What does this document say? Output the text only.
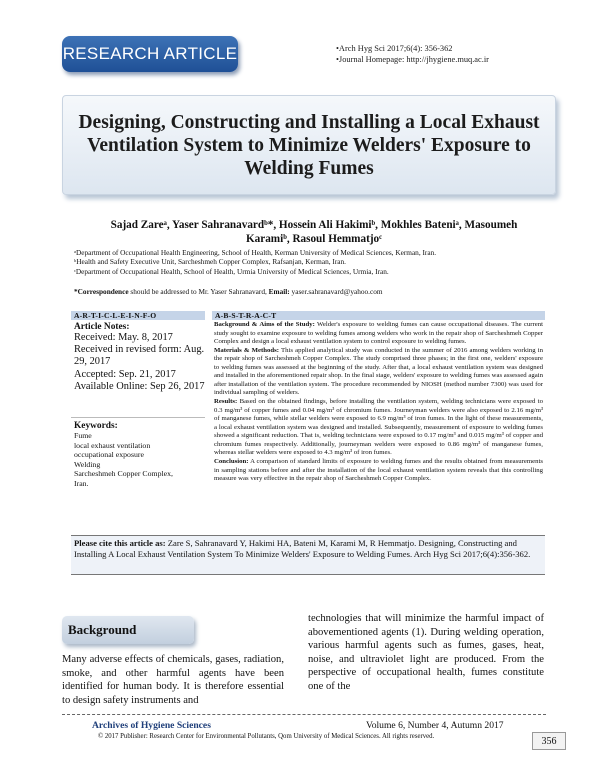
RESEARCH ARTICLE	•Arch Hyg Sci 2017;6(4): 356-362
•Journal Homepage: http://jhygiene.muq.ac.ir
Designing, Constructing and Installing a Local Exhaust Ventilation System to Minimize Welders' Exposure to Welding Fumes
Sajad Zareᵃ, Yaser Sahranavardᵇ*, Hossein Ali Hakimiᵇ, Mokhles Bateniᵃ, Masoumeh
Karamiᵇ, Rasoul Hemmatjoᶜ
ᵃDepartment of Occupational Health Engineering, School of Health, Kerman University of Medical Sciences, Kerman, Iran.
ᵇHealth and Safety Executive Unit, Sarcheshmeh Copper Complex, Rafsanjan, Kerman, Iran.
ᶜDepartment of Occupational Health, School of Health, Urmia University of Medical Sciences, Urmia, Iran.
*Correspondence should be addressed to Mr. Yaser Sahranavard, Email: yaser.sahranavard@yahoo.com
A-R-T-I-C-L-E-I-N-F-O
Article Notes:
Received: May. 8, 2017
Received in revised form: Aug. 29, 2017
Accepted: Sep. 21, 2017
Available Online: Sep 26, 2017
Keywords:
Fume
local exhaust ventilation
occupational exposure
Welding
Sarcheshmeh Copper Complex,
Iran.
A-B-S-T-R-A-C-T

Background & Aims of the Study: Welder's exposure to welding fumes can cause occupational diseases. The current study sought to examine exposure to welding fumes among welders who work in the repair shop of Sarcheshmeh Copper Complex and design a local exhaust ventilation system to control exposure to welding fumes.

Materials & Methods: This applied analytical study was conducted in the summer of 2016 among welders working in the repair shop of Sarcheshmeh Copper Complex. The study comprised three phases; in the first one, welders' exposure to welding fumes was assessed at the beginning of the study. After that, a local exhaust ventilation system was designed and installed in the aforementioned repair shop. In the final stage, welders' exposure to welding fumes was assessed again after installation of the ventilation system. The procedure recommended by NIOSH (method number 7300) was used for individual sampling of welders.

Results: Based on the obtained findings, before installing the ventilation system, welding technicians were exposed to 0.3 mg/m³ of copper fumes and 0.04 mg/m³ of chromium fumes. Journeyman welders were also exposed to 2.16 mg/m³ of manganese fumes, while stellar welders were exposed to 6.9 mg/m³ of iron fumes. In the light of these measurements, a local exhaust ventilation system was designed and installed. Subsequently, measurement of exposure to welding fumes showed a significant reduction. That is, welding technicians were exposed to 0.17 mg/m³ and 0.015 mg/m³ of copper and chromium fumes respectively. Additionally, journeyman welders were exposed to 0.86 mg/m³ of manganese fumes, whereas stellar welders were exposed to 4.3 mg/m³ of iron fumes.

Conclusion: A comparison of standard limits of exposure to welding fumes and the results obtained from measurements in sampling stations before and after the installation of the local exhaust ventilation system reveals that this controlling measure was very effective in the repair shop of Sarcheshmeh Copper Complex.

Please cite this article as: Zare S, Sahranavard Y, Hakimi HA, Bateni M, Karami M, R Hemmatjo. Designing, Constructing and Installing A Local Exhaust Ventilation System To Minimize Welders' Exposure to Welding Fumes. Arch Hyg Sci 2017;6(4):356-362.
Background
Many adverse effects of chemicals, gases, radiation, smoke, and other harmful agents have been identified for human body. It is therefore essential to design safety instruments and
technologies that will minimize the harmful impact of abovementioned agents (1). During welding operation, various harmful agents such as fumes, gases, heat, noise, and ultraviolet light are produced. From the perspective of occupational health, fumes constitute one of the
Archives of Hygiene Sciences	Volume 6, Number 4, Autumn 2017
© 2017 Publisher: Research Center for Environmental Pollutants, Qom University of Medical Sciences. All rights reserved.	356
